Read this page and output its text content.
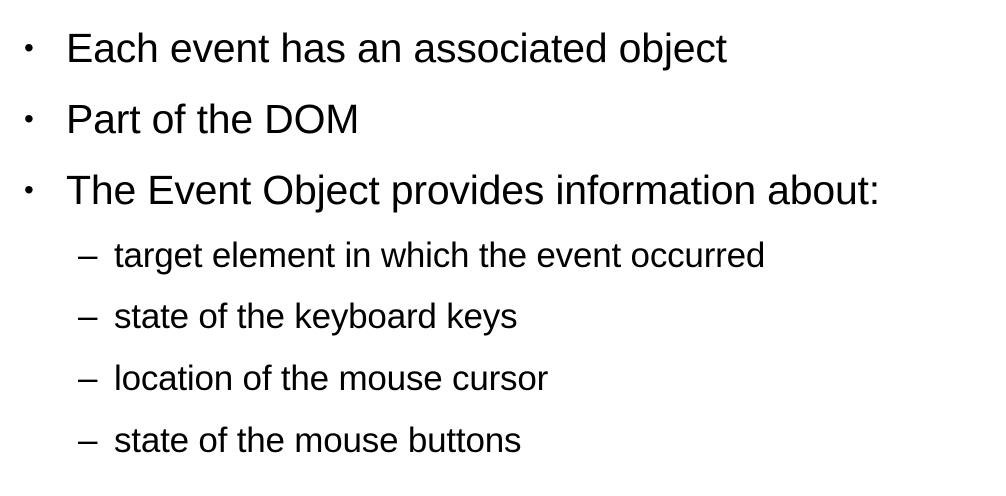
• Each event has an associated object
• Part of the DOM
• The Event Object provides information about:
– target element in which the event occurred
– state of the keyboard keys
– location of the mouse cursor
– state of the mouse buttons
